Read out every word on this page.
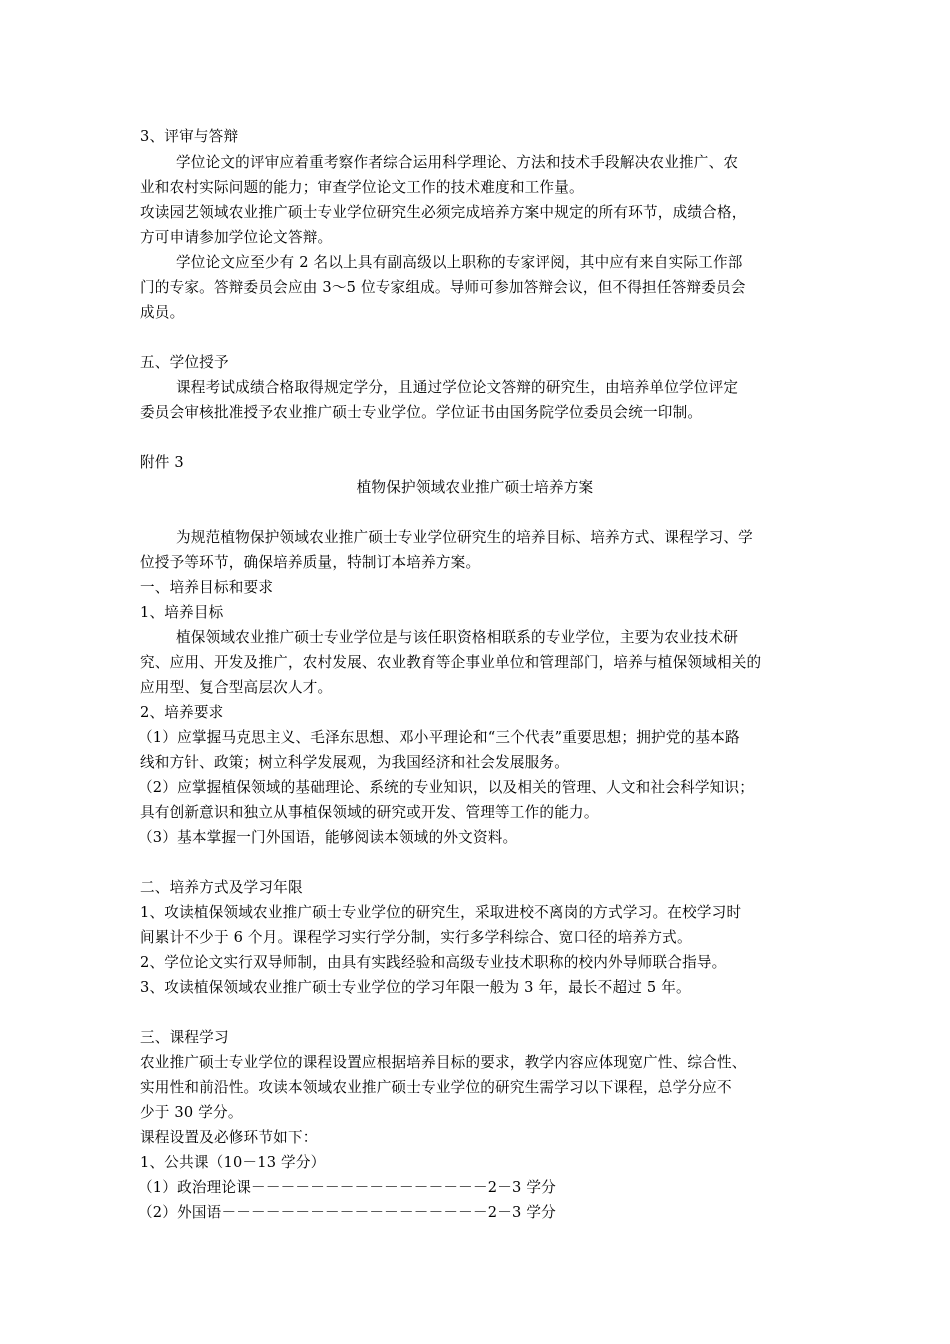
3、评审与答辩
学位论文的评审应着重考察作者综合运用科学理论、方法和技术手段解决农业推广、农
业和农村实际问题的能力；审查学位论文工作的技术难度和工作量。
攻读园艺领域农业推广硕士专业学位研究生必须完成培养方案中规定的所有环节，成绩合格，
方可申请参加学位论文答辩。
学位论文应至少有 2 名以上具有副高级以上职称的专家评阅，其中应有来自实际工作部
门的专家。答辩委员会应由 3～5 位专家组成。导师可参加答辩会议，但不得担任答辩委员会
成员。
五、学位授予
课程考试成绩合格取得规定学分，且通过学位论文答辩的研究生，由培养单位学位评定
委员会审核批准授予农业推广硕士专业学位。学位证书由国务院学位委员会统一印制。
附件 3
植物保护领域农业推广硕士培养方案
为规范植物保护领域农业推广硕士专业学位研究生的培养目标、培养方式、课程学习、学
位授予等环节，确保培养质量，特制订本培养方案。
一、培养目标和要求
1、培养目标
植保领域农业推广硕士专业学位是与该任职资格相联系的专业学位，主要为农业技术研
究、应用、开发及推广，农村发展、农业教育等企事业单位和管理部门，培养与植保领域相关的
应用型、复合型高层次人才。
2、培养要求
（1）应掌握马克思主义、毛泽东思想、邓小平理论和“三个代表”重要思想；拥护党的基本路
线和方针、政策；树立科学发展观，为我国经济和社会发展服务。
（2）应掌握植保领域的基础理论、系统的专业知识，以及相关的管理、人文和社会科学知识；
具有创新意识和独立从事植保领域的研究或开发、管理等工作的能力。
（3）基本掌握一门外国语，能够阅读本领域的外文资料。
二、培养方式及学习年限
1、攻读植保领域农业推广硕士专业学位的研究生，采取进校不离岗的方式学习。在校学习时
间累计不少于 6 个月。课程学习实行学分制，实行多学科综合、宽口径的培养方式。
2、学位论文实行双导师制，由具有实践经验和高级专业技术职称的校内外导师联合指导。
3、攻读植保领域农业推广硕士专业学位的学习年限一般为 3 年，最长不超过 5 年。
三、课程学习
农业推广硕士专业学位的课程设置应根据培养目标的要求，教学内容应体现宽广性、综合性、
实用性和前沿性。攻读本领域农业推广硕士专业学位的研究生需学习以下课程，总学分应不
少于 30 学分。
课程设置及必修环节如下：
1、公共课（10－13 学分）
（1）政治理论课－－－－－－－－－－－－－－－－2－3 学分
（2）外国语－－－－－－－－－－－－－－－－－－2－3 学分
